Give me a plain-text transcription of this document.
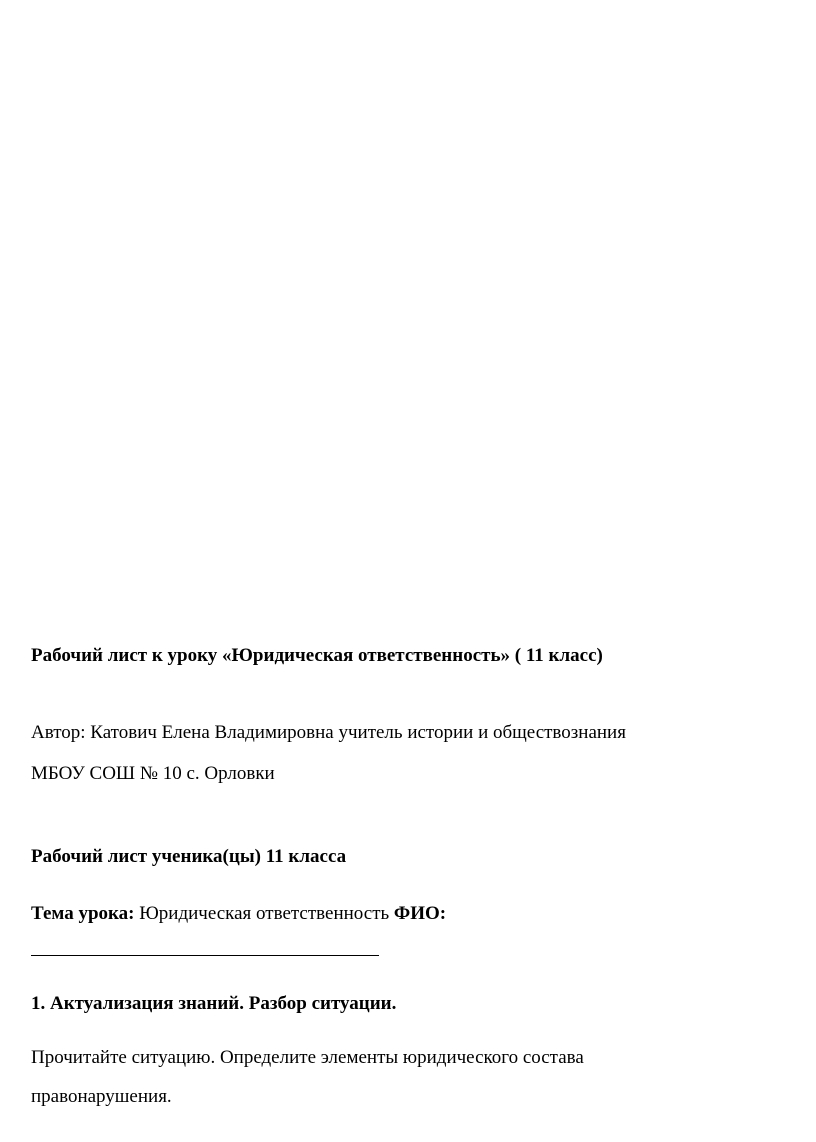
Рабочий лист к уроку «Юридическая ответственность» ( 11 класс)
Автор: Катович Елена Владимировна учитель истории и обществознания
МБОУ СОШ № 10 с. Орловки
Рабочий лист ученика(цы) 11 класса
Тема урока: Юридическая ответственность ФИО:
1. Актуализация знаний. Разбор ситуации.
Прочитайте ситуацию. Определите элементы юридического состава
правонарушения.
